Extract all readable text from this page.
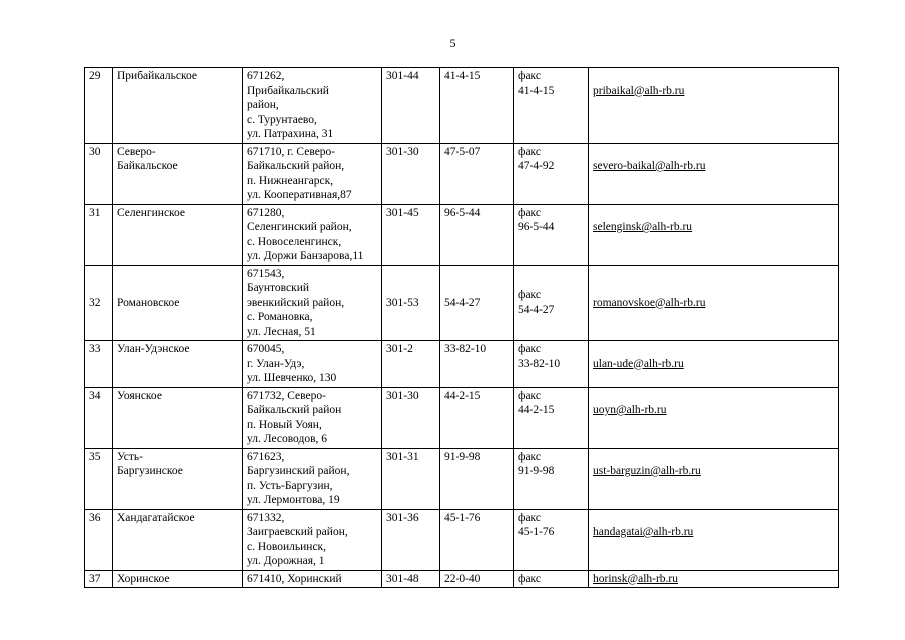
5
29	Прибайкальское	671262,
Прибайкальский
район,
с. Турунтаево,
ул. Патрахина, 31	301-44	41-4-15	факс
41-4-15	pribaikal@alh-rb.ru

30	Северо-
Байкальское	671710, г. Северо-
Байкальский район,
п. Нижнеангарск,
ул. Кооперативная,87	301-30	47-5-07	факс
47-4-92	severo-baikal@alh-rb.ru

31	Селенгинское	671280,
Селенгинский район,
с. Новоселенгинск,
ул. Доржи Банзарова,11	301-45	96-5-44	факс
96-5-44	selenginsk@alh-rb.ru

32	Романовское	671543,
Баунтовский
эвенкийский район,
с. Романовка,
ул. Лесная, 51	301-53	54-4-27	факс
54-4-27	romanovskoe@alh-rb.ru

33	Улан-Удэнское	670045,
г. Улан-Удэ,
ул. Шевченко, 130	301-2	33-82-10	факс
33-82-10	ulan-ude@alh-rb.ru

34	Уоянское	671732, Северо-
Байкальский район
п. Новый Уоян,
ул. Лесоводов, 6	301-30	44-2-15	факс
44-2-15	uoyn@alh-rb.ru

35	Усть-
Баргузинское	671623,
Баргузинский район,
п. Усть-Баргузин,
ул. Лермонтова, 19	301-31	91-9-98	факс
91-9-98	ust-barguzin@alh-rb.ru

36	Хандагатайское	671332,
Заиграевский район,
с. Новоильинск,
ул. Дорожная, 1	301-36	45-1-76	факс
45-1-76	handagatai@alh-rb.ru

37	Хоринское	671410, Хоринский	301-48	22-0-40	факс	horinsk@alh-rb.ru
